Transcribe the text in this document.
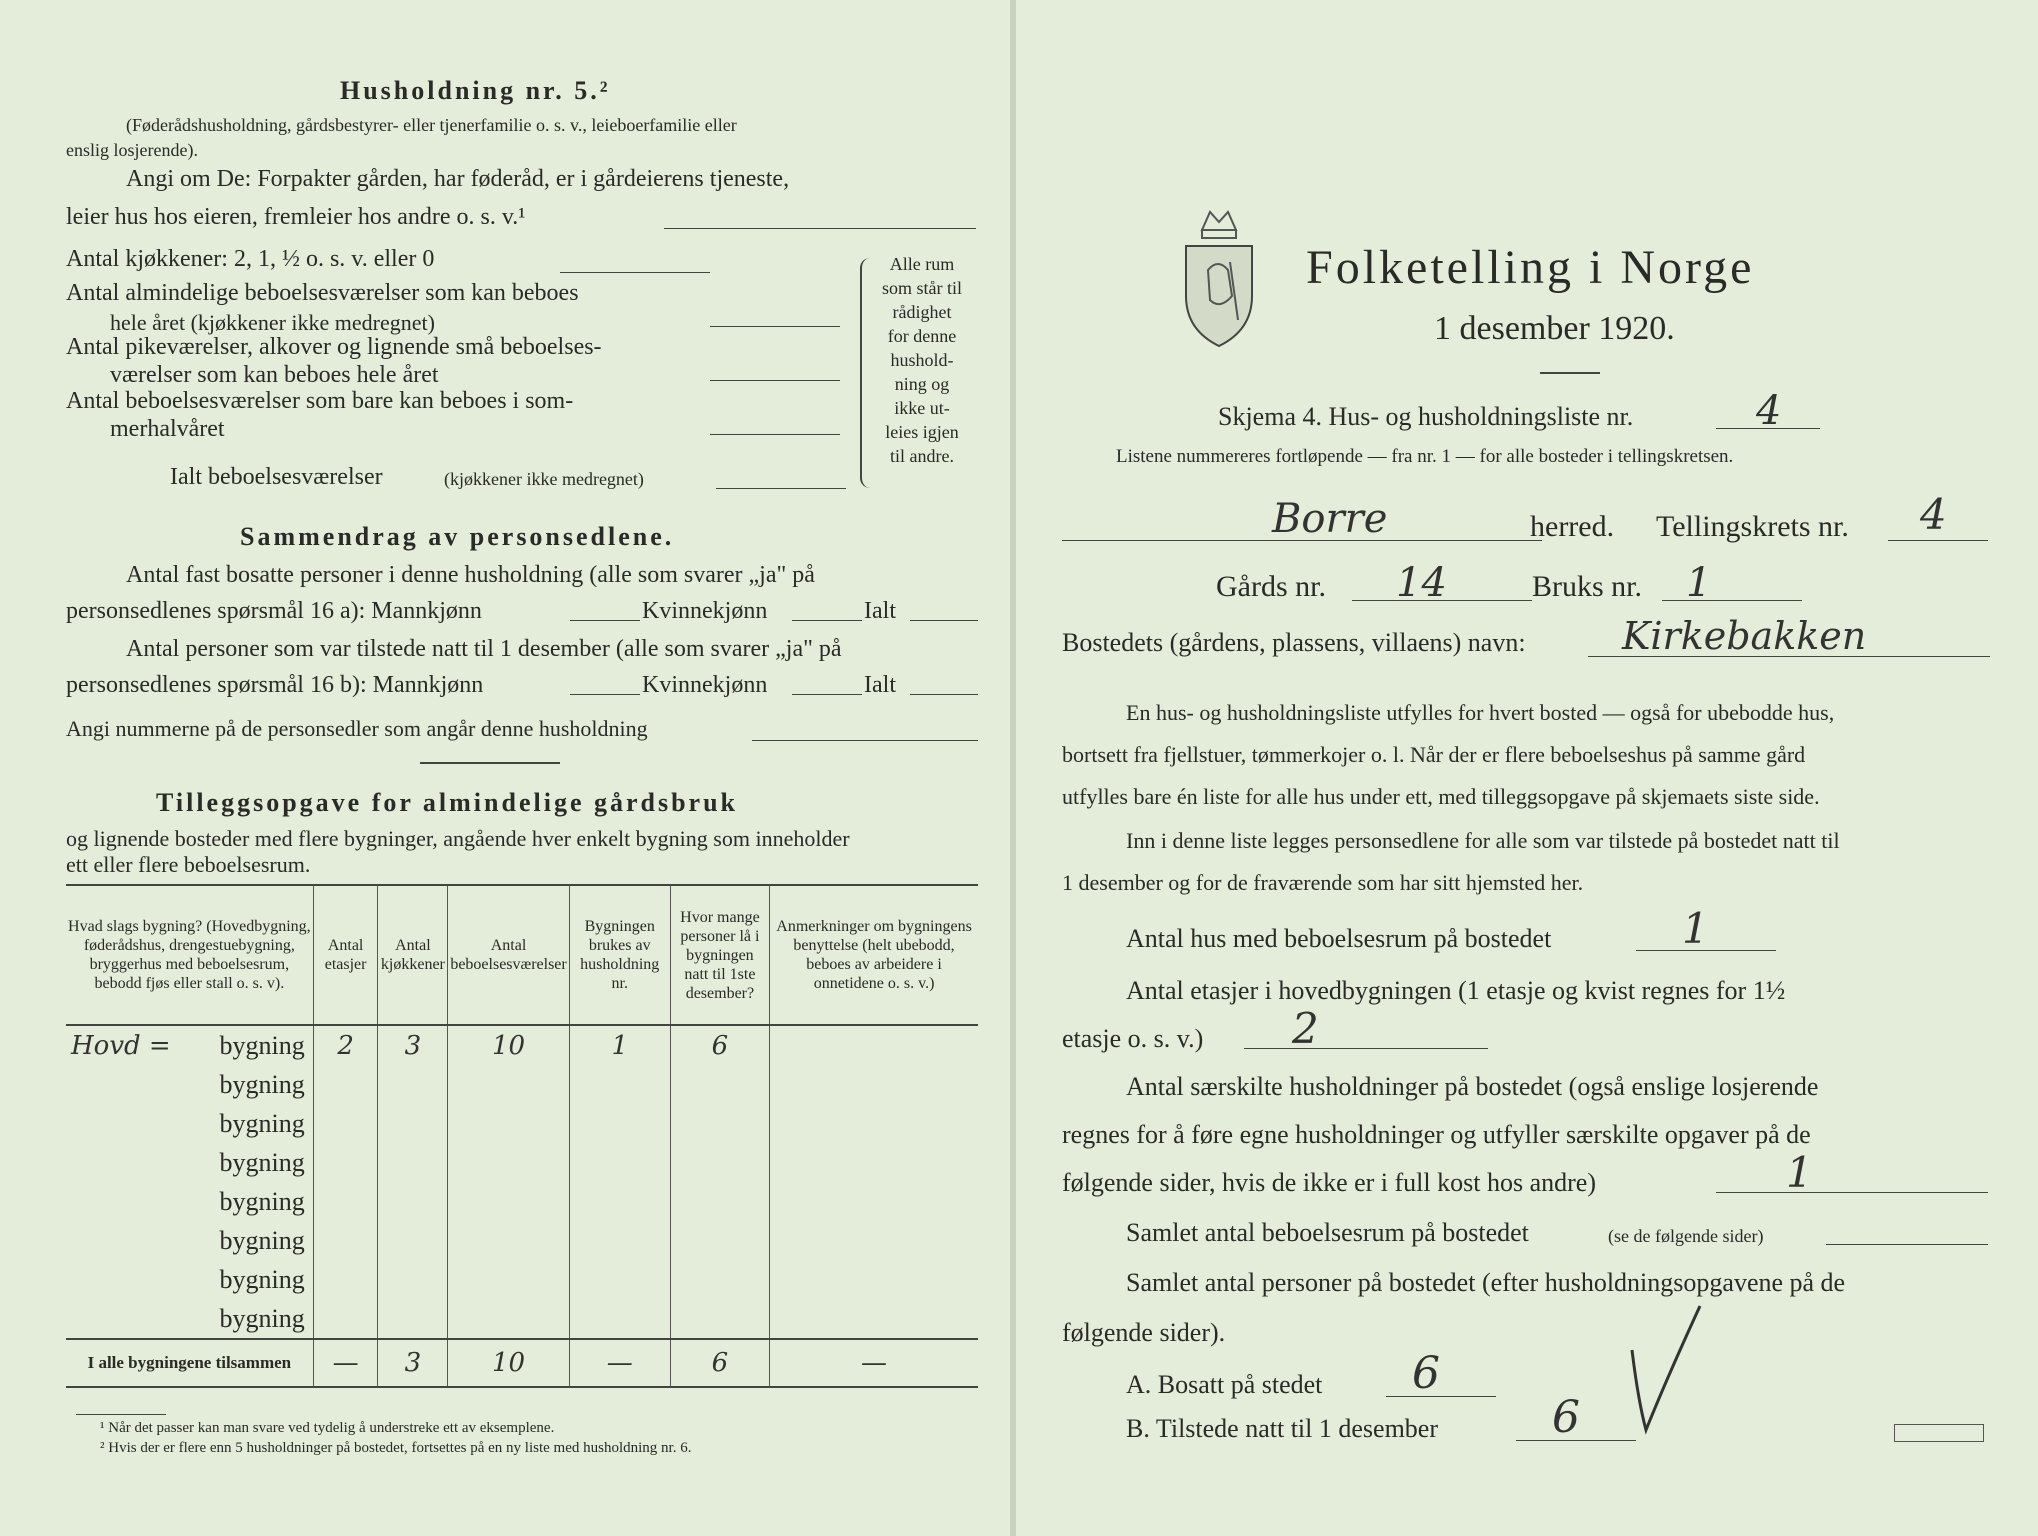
Husholdning nr. 5.²
(Føderådshusholdning, gårdsbestyrer- eller tjenerfamilie o. s. v., leieboerfamilie eller
enslig losjerende).
Angi om De: Forpakter gården, har føderåd, er i gårdeierens tjeneste,
leier hus hos eieren, fremleier hos andre o. s. v.¹
Antal kjøkkener: 2, 1, ½ o. s. v. eller 0
Antal almindelige beboelsesværelser som kan beboes
hele året (kjøkkener ikke medregnet)
Antal pikeværelser, alkover og lignende små beboelses-
værelser som kan beboes hele året
Antal beboelsesværelser som bare kan beboes i som-
merhalvåret
Ialt beboelsesværelser	(kjøkkener ikke medregnet)
Alle rum
som står til
rådighet
for denne
hushold-
ning og
ikke ut-
leies igjen
til andre.
Sammendrag av personsedlene.
Antal fast bosatte personer i denne husholdning (alle som svarer „ja" på
personsedlenes spørsmål 16 a): Mannkjønn	Kvinnekjønn	Ialt
Antal personer som var tilstede natt til 1 desember (alle som svarer „ja" på
personsedlenes spørsmål 16 b): Mannkjønn	Kvinnekjønn	Ialt
Angi nummerne på de personsedler som angår denne husholdning
Tilleggsopgave for almindelige gårdsbruk
og lignende bosteder med flere bygninger, angående hver enkelt bygning som inneholder
ett eller flere beboelsesrum.
Hvad slags bygning? (Hovedbygning, føderådshus, drengestuebygning, bryggerhus med beboelsesrum, bebodd fjøs eller stall o. s. v).	Antal etasjer	Antal kjøkkener	Antal beboelsesværelser	Bygningen brukes av husholdning nr.	Hvor mange personer lå i bygningen natt til 1ste desember?	Anmerkninger om bygningens benyttelse (helt ubebodd, beboes av arbeidere i onnetidene o. s. v.)

Hovd = bygning	2	3	10	1	6	
bygning						
bygning						
bygning						
bygning						
bygning						
bygning						
bygning						
I alle bygningene tilsammen	—	3	10	—	6	—
¹ Når det passer kan man svare ved tydelig å understreke ett av eksemplene.
² Hvis der er flere enn 5 husholdninger på bostedet, fortsettes på en ny liste med husholdning nr. 6.
Folketelling i Norge
1 desember 1920.
Skjema 4. Hus- og husholdningsliste nr.	4
Listene nummereres fortløpende — fra nr. 1 — for alle bosteder i tellingskretsen.
Borre	herred. Tellingskrets nr. 4
Gårds nr. 14	Bruks nr. 1
Bostedets (gårdens, plassens, villaens) navn:	Kirkebakken
En hus- og husholdningsliste utfylles for hvert bosted — også for ubebodde hus,
bortsett fra fjellstuer, tømmerkojer o. l. Når der er flere beboelseshus på samme gård
utfylles bare én liste for alle hus under ett, med tilleggsopgave på skjemaets siste side.
Inn i denne liste legges personsedlene for alle som var tilstede på bostedet natt til
1 desember og for de fraværende som har sitt hjemsted her.
Antal hus med beboelsesrum på bostedet	1
Antal etasjer i hovedbygningen (1 etasje og kvist regnes for 1½
etasje o. s. v.) 2
Antal særskilte husholdninger på bostedet (også enslige losjerende
regnes for å føre egne husholdninger og utfyller særskilte opgaver på de
følgende sider, hvis de ikke er i full kost hos andre)	1
Samlet antal beboelsesrum på bostedet	(se de følgende sider)
Samlet antal personer på bostedet (efter husholdningsopgavene på de
følgende sider).
A. Bosatt på stedet 6
B. Tilstede natt til 1 desember	6
